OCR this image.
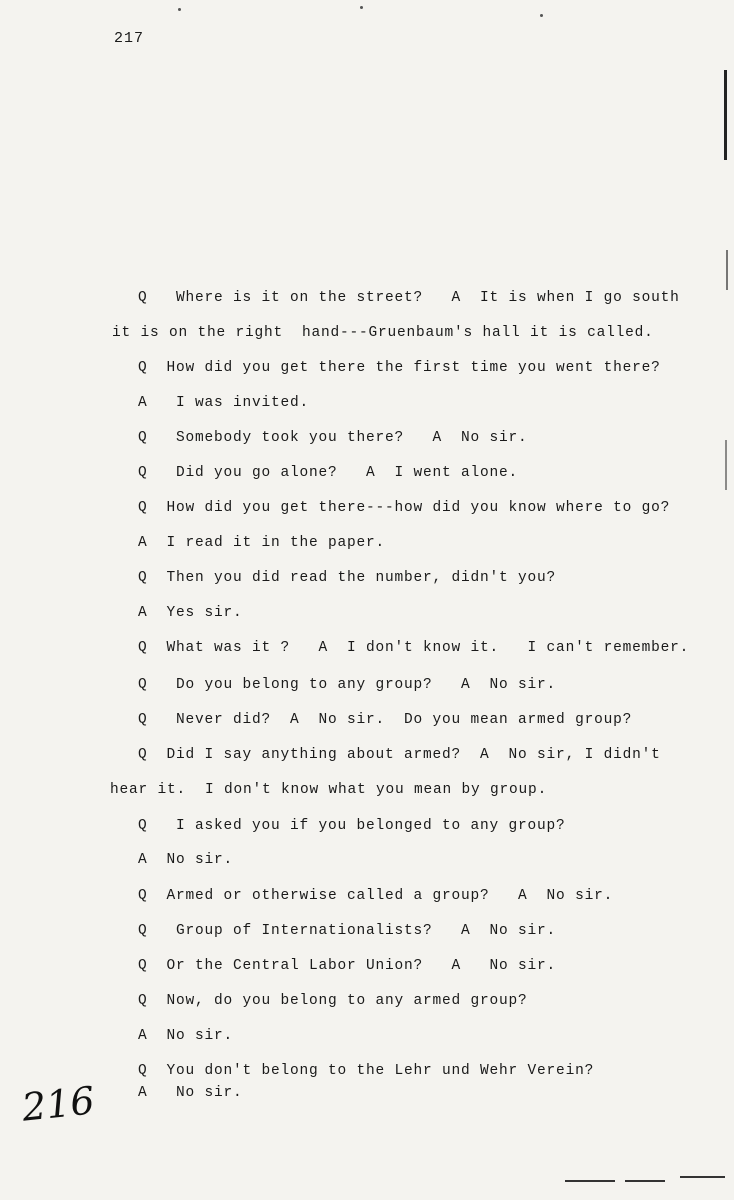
217
Q   Where is it on the street?   A  It is when I go south
it is on the right  hand---Gruenbaum's hall it is called.
Q  How did you get there the first time you went there?
A   I was invited.
Q   Somebody took you there?   A  No sir.
Q   Did you go alone?   A  I went alone.
Q  How did you get there---how did you know where to go?
A  I read it in the paper.
Q  Then you did read the number, didn't you?
A  Yes sir.
Q  What was it ?   A  I don't know it.   I can't remember.
Q   Do you belong to any group?   A  No sir.
Q   Never did?  A  No sir.  Do you mean armed group?
Q  Did I say anything about armed?  A  No sir, I didn't
hear it.  I don't know what you mean by group.
Q   I asked you if you belonged to any group?
A  No sir.
Q  Armed or otherwise called a group?   A  No sir.
Q   Group of Internationalists?   A  No sir.
Q  Or the Central Labor Union?   A   No sir.
Q  Now, do you belong to any armed group?
A  No sir.
Q  You don't belong to the Lehr und Wehr Verein?
A   No sir.
216
